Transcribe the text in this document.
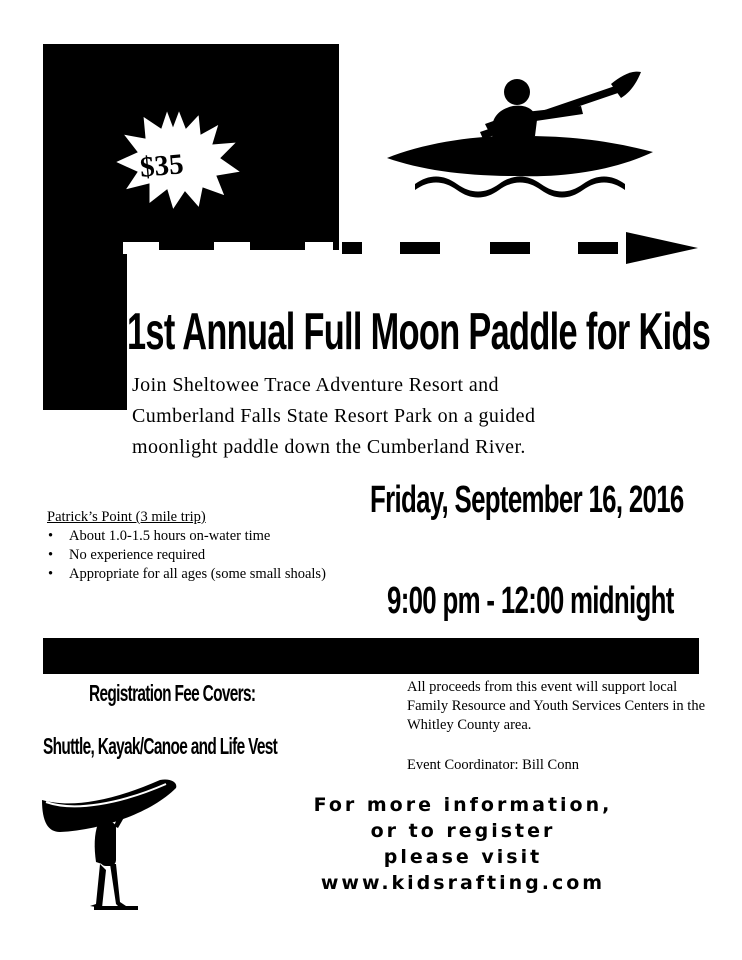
$35
1st Annual Full Moon Paddle for Kids
Join Sheltowee Trace Adventure Resort and
Cumberland Falls State Resort Park on a guided
moonlight paddle down the Cumberland River.
Patrick’s Point (3 mile trip)
• About 1.0-1.5 hours on-water time
• No experience required
• Appropriate for all ages (some small shoals)
Friday, September 16, 2016
9:00 pm - 12:00 midnight
Registration Fee Covers:
Shuttle, Kayak/Canoe and Life Vest
All proceeds from this event will support local Family Resource and Youth Services Centers in the Whitley County area.
Event Coordinator: Bill Conn
For more information,
or to register
please visit
www.kidsrafting.com
